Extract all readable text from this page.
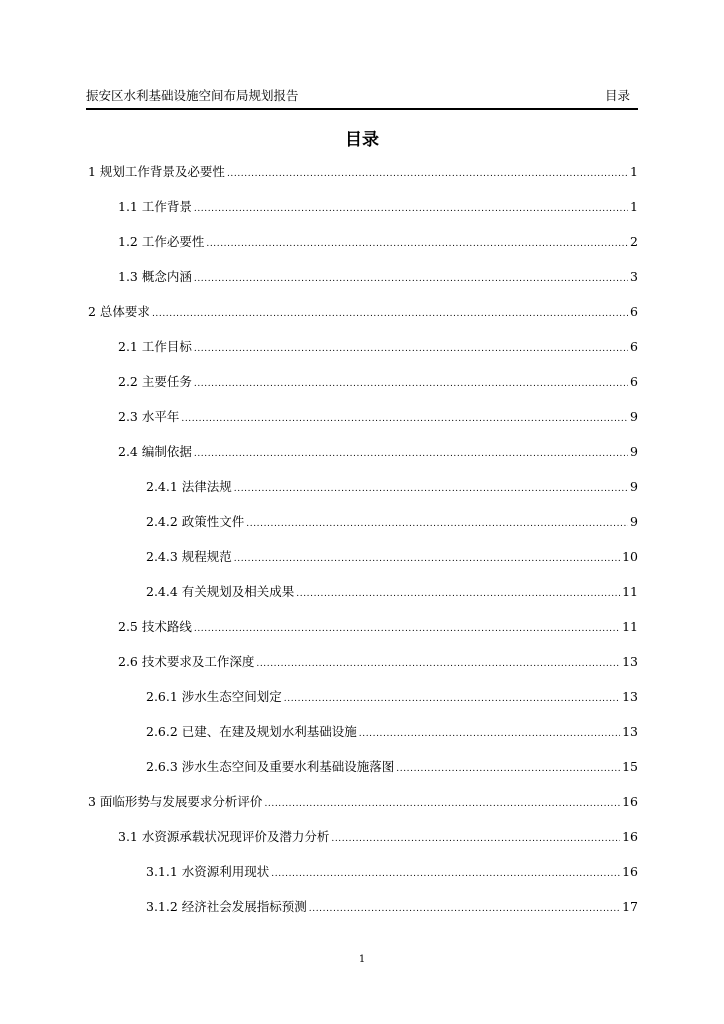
振安区水利基础设施空间布局规划报告	目录
目录
1 规划工作背景及必要性 .....	1
1.1 工作背景 .....	1
1.2 工作必要性 .....	2
1.3 概念内涵 .....	3
2 总体要求 .....	6
2.1 工作目标 .....	6
2.2 主要任务 .....	6
2.3 水平年 .....	9
2.4 编制依据 .....	9
2.4.1 法律法规 .....	9
2.4.2 政策性文件 .....	9
2.4.3 规程规范 .....	10
2.4.4 有关规划及相关成果 .....	11
2.5 技术路线 .....	11
2.6 技术要求及工作深度 .....	13
2.6.1 涉水生态空间划定 .....	13
2.6.2 已建、在建及规划水利基础设施 .....	13
2.6.3 涉水生态空间及重要水利基础设施落图 .....	15
3 面临形势与发展要求分析评价 .....	16
3.1 水资源承载状况现评价及潜力分析 .....	16
3.1.1 水资源利用现状 .....	16
3.1.2 经济社会发展指标预测 .....	17
1
